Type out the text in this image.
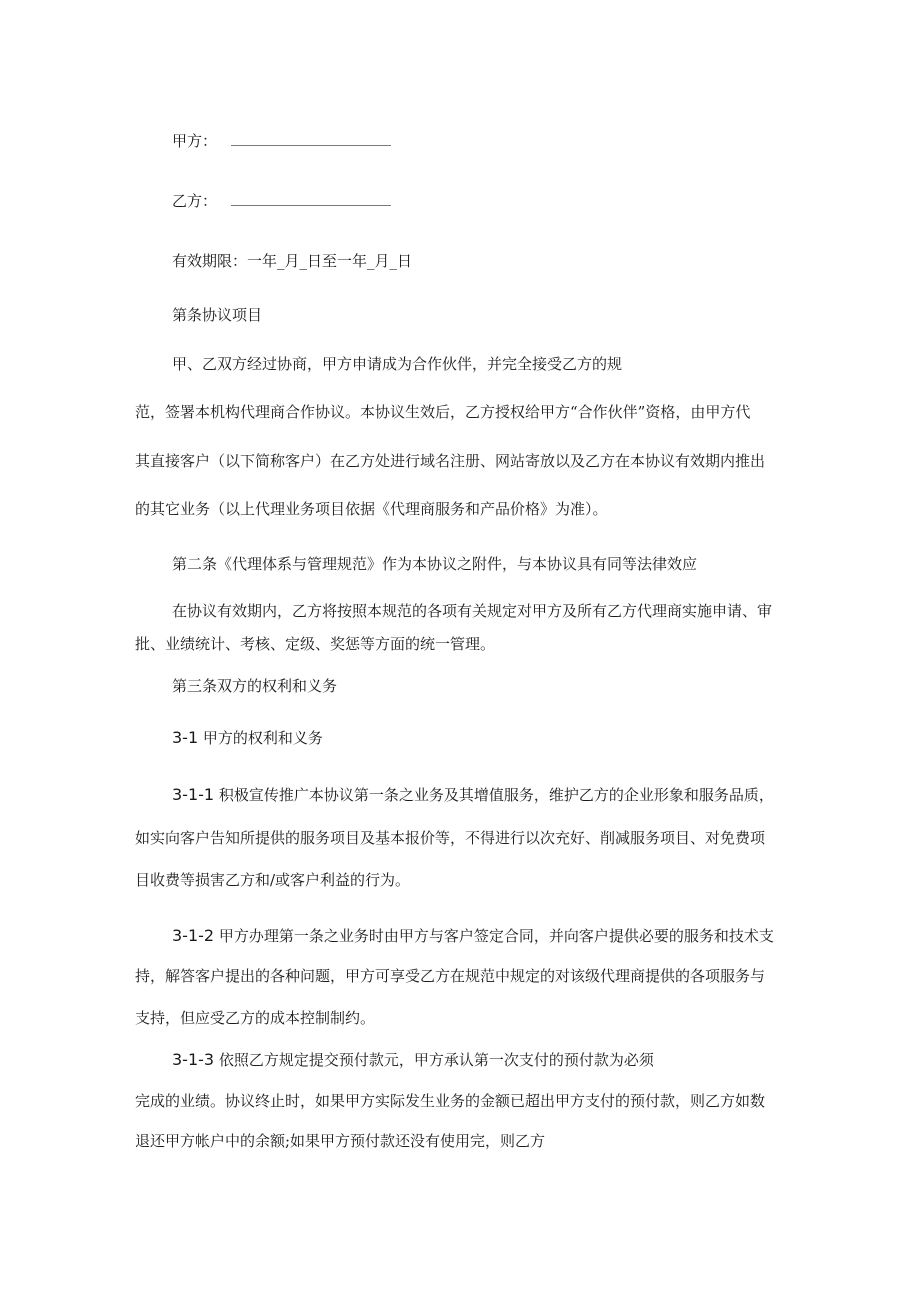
甲方：
乙方：
有效期限：一年_月_日至一年_月_日
第条协议项目
甲、乙双方经过协商，甲方申请成为合作伙伴，并完全接受乙方的规
范，签署本机构代理商合作协议。本协议生效后，乙方授权给甲方“合作伙伴”资格，由甲方代
其直接客户（以下简称客户）在乙方处进行域名注册、网站寄放以及乙方在本协议有效期内推出
的其它业务（以上代理业务项目依据《代理商服务和产品价格》为准）。
第二条《代理体系与管理规范》作为本协议之附件，与本协议具有同等法律效应
在协议有效期内，乙方将按照本规范的各项有关规定对甲方及所有乙方代理商实施申请、审
批、业绩统计、考核、定级、奖惩等方面的统一管理。
第三条双方的权利和义务
3-1 甲方的权利和义务
3-1-1 积极宣传推广本协议第一条之业务及其增值服务，维护乙方的企业形象和服务品质，
如实向客户告知所提供的服务项目及基本报价等，不得进行以次充好、削减服务项目、对免费项
目收费等损害乙方和/或客户利益的行为。
3-1-2 甲方办理第一条之业务时由甲方与客户签定合同，并向客户提供必要的服务和技术支
持，解答客户提出的各种问题，甲方可享受乙方在规范中规定的对该级代理商提供的各项服务与
支持，但应受乙方的成本控制制约。
3-1-3 依照乙方规定提交预付款元，甲方承认第一次支付的预付款为必须
完成的业绩。协议终止时，如果甲方实际发生业务的金额已超出甲方支付的预付款，则乙方如数
退还甲方帐户中的余额;如果甲方预付款还没有使用完，则乙方
